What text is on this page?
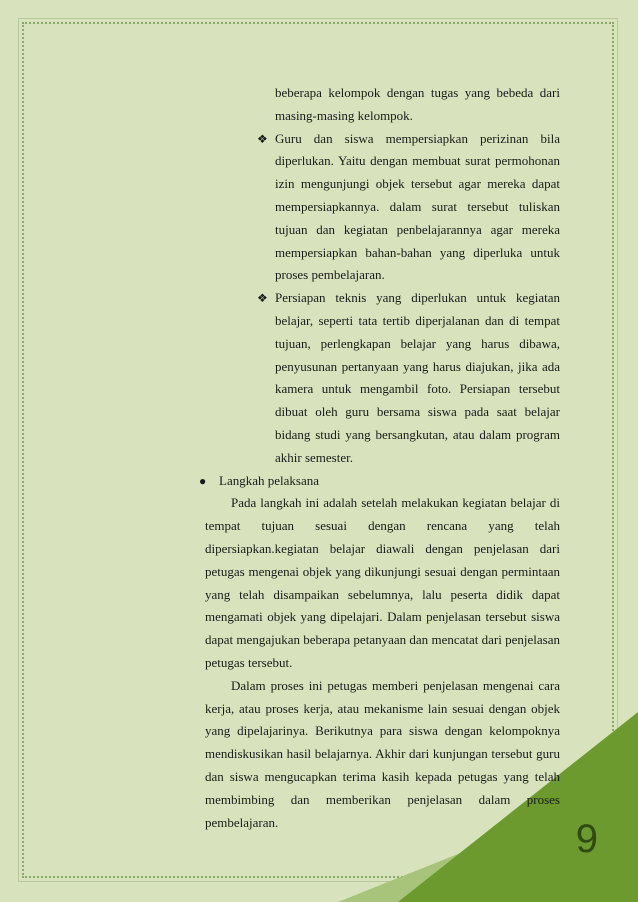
9

beberapa kelompok dengan tugas yang bebeda dari masing-masing kelompok.

❖ Guru dan siswa mempersiapkan perizinan bila diperlukan. Yaitu dengan membuat surat permohonan izin mengunjungi objek tersebut agar mereka dapat mempersiapkannya. dalam surat tersebut tuliskan tujuan dan kegiatan penbelajarannya agar mereka mempersiapkan bahan-bahan yang diperluka untuk proses pembelajaran.

❖ Persiapan teknis yang diperlukan untuk kegiatan belajar, seperti tata tertib diperjalanan dan di tempat tujuan, perlengkapan belajar yang harus dibawa, penyusunan pertanyaan yang harus diajukan, jika ada kamera untuk mengambil foto. Persiapan tersebut dibuat oleh guru bersama siswa pada saat belajar bidang studi yang bersangkutan, atau dalam program akhir semester.

● Langkah pelaksana

Pada langkah ini adalah setelah melakukan kegiatan belajar di tempat tujuan sesuai dengan rencana yang telah dipersiapkan.kegiatan belajar diawali dengan penjelasan dari petugas mengenai objek yang dikunjungi sesuai dengan permintaan yang telah disampaikan sebelumnya, lalu peserta didik dapat mengamati objek yang dipelajari. Dalam penjelasan tersebut siswa dapat mengajukan beberapa petanyaan dan mencatat dari penjelasan petugas tersebut.

Dalam proses ini petugas memberi penjelasan mengenai cara kerja, atau proses kerja, atau mekanisme lain sesuai dengan objek yang dipelajarinya. Berikutnya para siswa dengan kelompoknya mendiskusikan hasil belajarnya. Akhir dari kunjungan tersebut guru dan siswa mengucapkan terima kasih kepada petugas yang telah membimbing dan memberikan penjelasan dalam proses pembelajaran.
